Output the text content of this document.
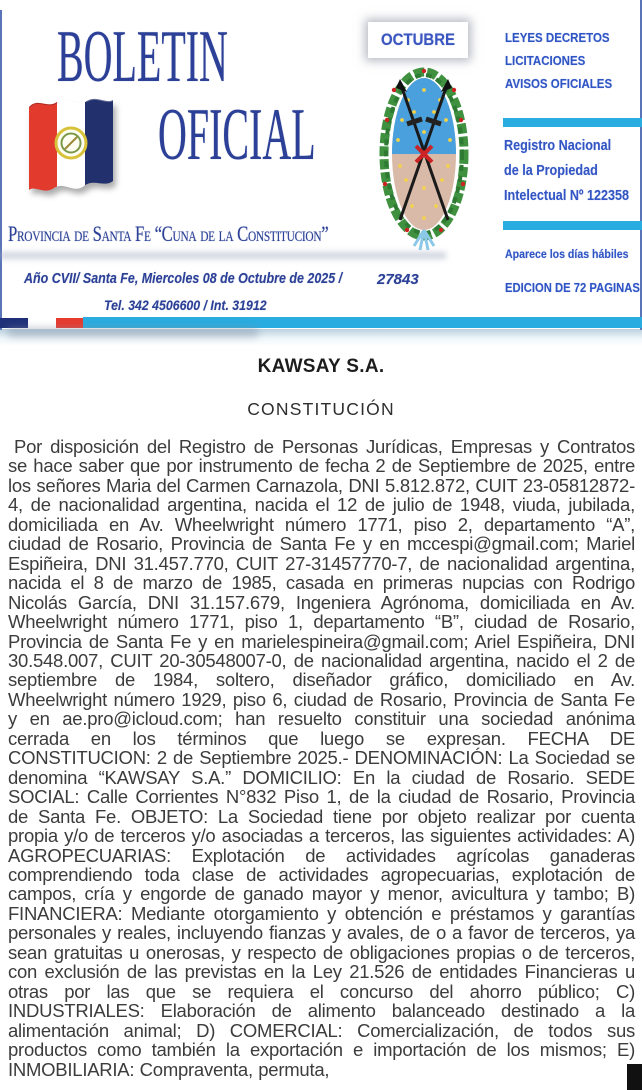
BOLETIN
OFICIAL
Provincia de Santa Fe “Cuna de la Constitucion”
Año CVII/ Santa Fe, Miercoles 08 de Octubre de 2025 / 27843
Tel. 342 4506600 / Int. 31912
OCTUBRE	LEYES DECRETOS
LICITACIONES
AVISOS OFICIALES
Registro Nacional
de la Propiedad
Intelectual Nº 122358
Aparece los días hábiles
EDICION DE 72 PAGINAS
KAWSAY S.A.
CONSTITUCIÓN

Por disposición del Registro de Personas Jurídicas, Empresas y Contratos se hace saber que por instrumento de fecha 2 de Septiembre de 2025, entre los señores Maria del Carmen Carnazola, DNI 5.812.872, CUIT 23-05812872-4, de nacionalidad argentina, nacida el 12 de julio de 1948, viuda, jubilada, domiciliada en Av. Wheelwright número 1771, piso 2, departamento “A”, ciudad de Rosario, Provincia de Santa Fe y en mccespi@gmail.com; Mariel Espiñeira, DNI 31.457.770, CUIT 27-31457770-7, de nacionalidad argentina, nacida el 8 de marzo de 1985, casada en primeras nupcias con Rodrigo Nicolás García, DNI 31.157.679, Ingeniera Agrónoma, domiciliada en Av. Wheelwright número 1771, piso 1, departamento “B”, ciudad de Rosario, Provincia de Santa Fe y en marielespineira@gmail.com; Ariel Espiñeira, DNI 30.548.007, CUIT 20-30548007-0, de nacionalidad argentina, nacido el 2 de septiembre de 1984, soltero, diseñador gráfico, domiciliado en Av. Wheelwright número 1929, piso 6, ciudad de Rosario, Provincia de Santa Fe y en ae.pro@icloud.com; han resuelto constituir una sociedad anónima cerrada en los términos que luego se expresan. FECHA DE CONSTITUCION: 2 de Septiembre 2025.- DENOMINACIÓN: La Sociedad se denomina “KAWSAY S.A.” DOMICILIO: En la ciudad de Rosario. SEDE SOCIAL: Calle Corrientes N°832 Piso 1, de la ciudad de Rosario, Provincia de Santa Fe. OBJETO: La Sociedad tiene por objeto realizar por cuenta propia y/o de terceros y/o asociadas a terceros, las siguientes actividades: A) AGROPECUARIAS: Explotación de actividades agrícolas ganaderas comprendiendo toda clase de actividades agropecuarias, explotación de campos, cría y engorde de ganado mayor y menor, avicultura y tambo; B) FINANCIERA: Mediante otorgamiento y obtención e préstamos y garantías personales y reales, incluyendo fianzas y avales, de o a favor de terceros, ya sean gratuitas u onerosas, y respecto de obligaciones propias o de terceros, con exclusión de las previstas en la Ley 21.526 de entidades Financieras u otras por las que se requiera el concurso del ahorro público; C) INDUSTRIALES: Elaboración de alimento balanceado destinado a la alimentación animal; D) COMERCIAL: Comercialización, de todos sus productos como también la exportación e importación de los mismos; E) INMOBILIARIA: Compraventa, permuta,
